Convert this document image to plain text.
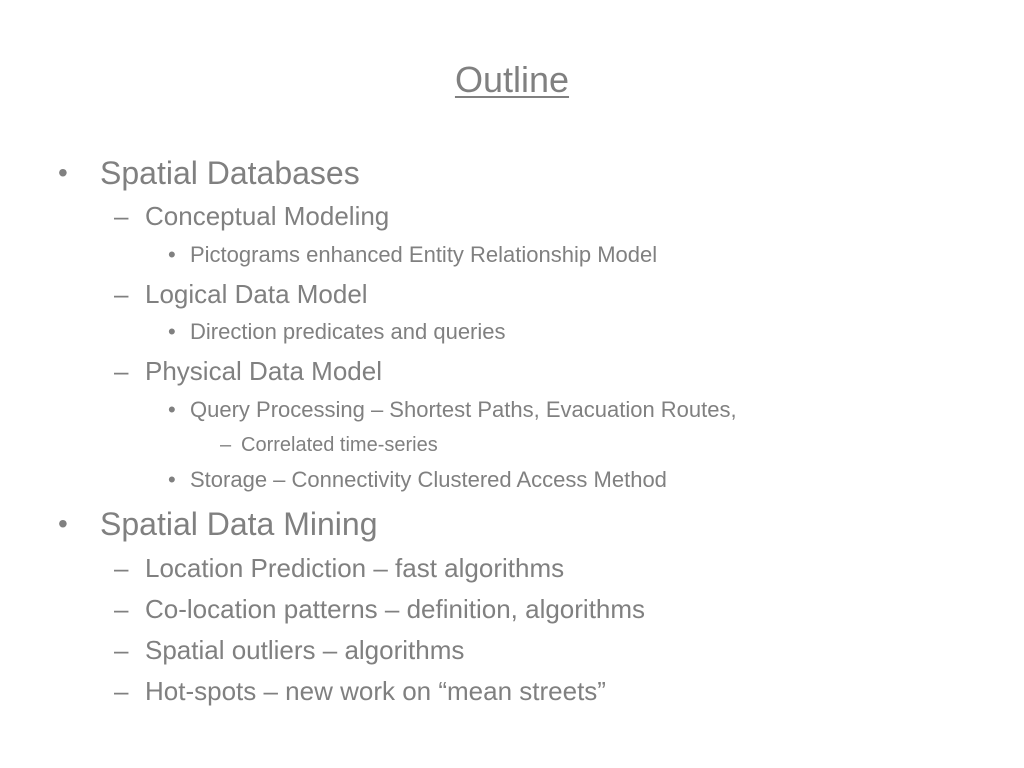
Outline
• Spatial Databases
– Conceptual Modeling
• Pictograms enhanced Entity Relationship Model
– Logical Data Model
• Direction predicates and queries
– Physical Data Model
• Query Processing – Shortest Paths, Evacuation Routes,
– Correlated time-series
• Storage – Connectivity Clustered Access Method
• Spatial Data Mining
– Location Prediction – fast algorithms
– Co-location patterns – definition, algorithms
– Spatial outliers – algorithms
– Hot-spots – new work on “mean streets”
